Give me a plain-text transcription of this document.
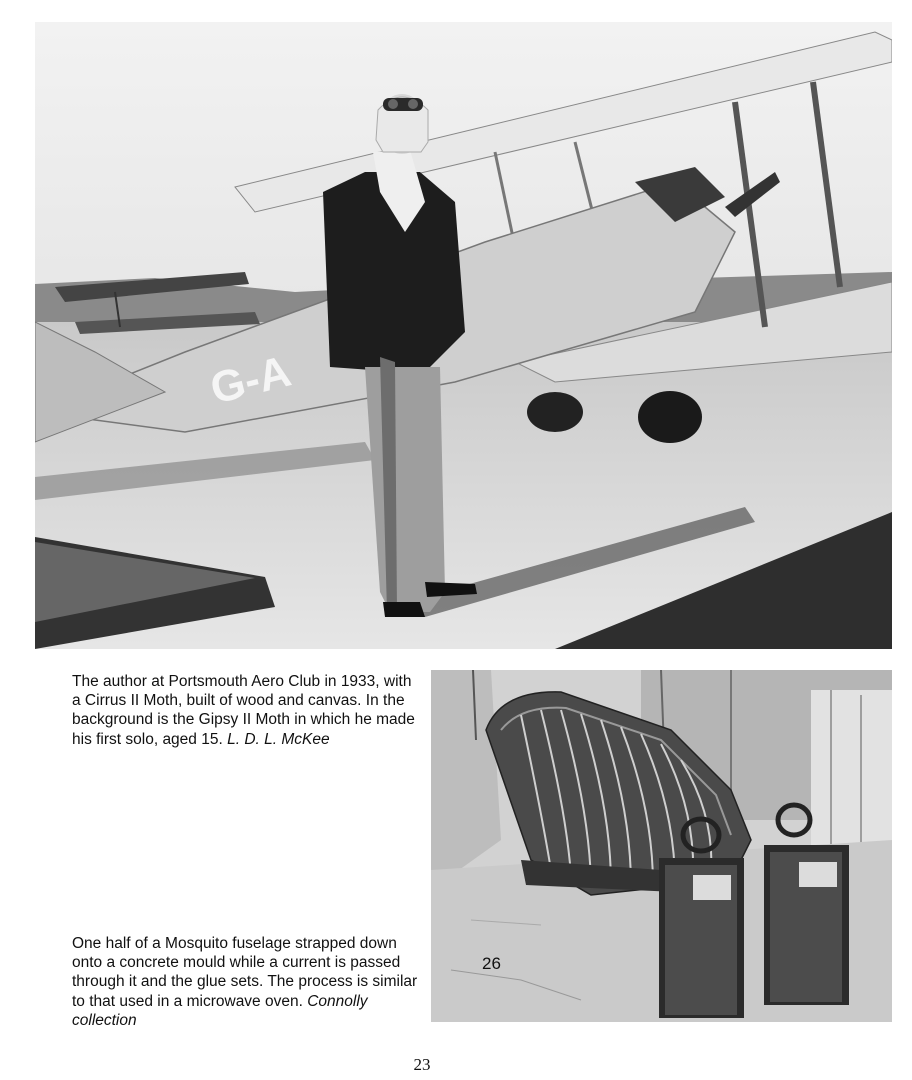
G-A
The author at Portsmouth Aero Club in 1933, with a Cirrus II Moth, built of wood and canvas. In the background is the Gipsy II Moth in which he made his first solo, aged 15. L. D. L. McKee
26
One half of a Mosquito fuselage strapped down onto a concrete mould while a current is passed through it and the glue sets. The process is similar to that used in a microwave oven. Connolly collection
23
